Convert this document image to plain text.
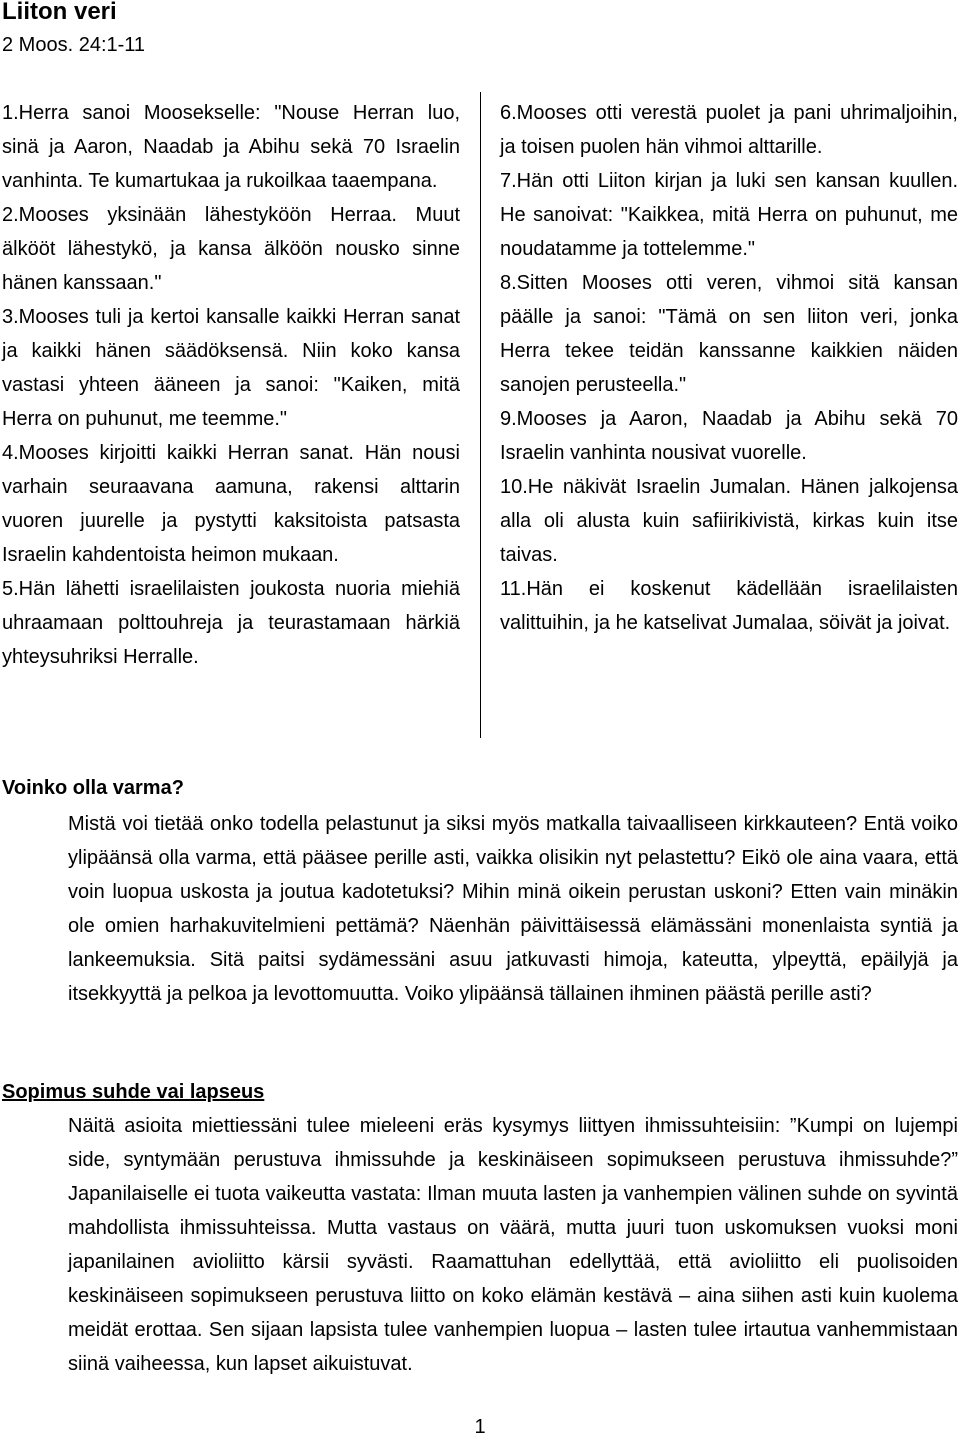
Liiton veri
2 Moos. 24:1-11

1.Herra sanoi Moosekselle: "Nouse Herran luo, sinä ja Aaron, Naadab ja Abihu sekä 70 Israelin vanhinta. Te kumartukaa ja rukoilkaa taaempana.

2.Mooses yksinään lähestyköön Herraa. Muut älkööt lähestykö, ja kansa älköön nousko sinne hänen kanssaan."

3.Mooses tuli ja kertoi kansalle kaikki Herran sanat ja kaikki hänen säädöksensä. Niin koko kansa vastasi yhteen ääneen ja sanoi: "Kaiken, mitä Herra on puhunut, me teemme."

4.Mooses kirjoitti kaikki Herran sanat. Hän nousi varhain seuraavana aamuna, rakensi alttarin vuoren juurelle ja pystytti kaksitoista patsasta Israelin kahdentoista heimon mukaan.

5.Hän lähetti israelilaisten joukosta nuoria miehiä uhraamaan polttouhreja ja teurastamaan härkiä yhteysuhriksi Herralle.

6.Mooses otti verestä puolet ja pani uhrimaljoihin, ja toisen puolen hän vihmoi alttarille.

7.Hän otti Liiton kirjan ja luki sen kansan kuullen. He sanoivat: "Kaikkea, mitä Herra on puhunut, me noudatamme ja tottelemme."

8.Sitten Mooses otti veren, vihmoi sitä kansan päälle ja sanoi: "Tämä on sen liiton veri, jonka Herra tekee teidän kanssanne kaikkien näiden sanojen perusteella."

9.Mooses ja Aaron, Naadab ja Abihu sekä 70 Israelin vanhinta nousivat vuorelle.

10.He näkivät Israelin Jumalan. Hänen jalkojensa alla oli alusta kuin safiirikivistä, kirkas kuin itse taivas.

11.Hän ei koskenut kädellään israelilaisten valittuihin, ja he katselivat Jumalaa, söivät ja joivat.

Voinko olla varma?

Mistä voi tietää onko todella pelastunut ja siksi myös matkalla taivaalliseen kirkkauteen? Entä voiko ylipäänsä olla varma, että pääsee perille asti, vaikka olisikin nyt pelastettu? Eikö ole aina vaara, että voin luopua uskosta ja joutua kadotetuksi? Mihin minä oikein perustan uskoni? Etten vain minäkin ole omien harhakuvitelmieni pettämä? Näenhän päivittäisessä elämässäni monenlaista syntiä ja lankeemuksia. Sitä paitsi sydämessäni asuu jatkuvasti himoja, kateutta, ylpeyttä, epäilyjä ja itsekkyyttä ja pelkoa ja levottomuutta. Voiko ylipäänsä tällainen ihminen päästä perille asti?

Sopimus suhde vai lapseus

Näitä asioita miettiessäni tulee mieleeni eräs kysymys liittyen ihmissuhteisiin: ”Kumpi on lujempi side, syntymään perustuva ihmissuhde ja keskinäiseen sopimukseen perustuva ihmissuhde?” Japanilaiselle ei tuota vaikeutta vastata: Ilman muuta lasten ja vanhempien välinen suhde on syvintä mahdollista ihmissuhteissa. Mutta vastaus on väärä, mutta juuri tuon uskomuksen vuoksi moni japanilainen avioliitto kärsii syvästi. Raamattuhan edellyttää, että avioliitto eli puolisoiden keskinäiseen sopimukseen perustuva liitto on koko elämän kestävä – aina siihen asti kuin kuolema meidät erottaa. Sen sijaan lapsista tulee vanhempien luopua – lasten tulee irtautua vanhemmistaan siinä vaiheessa, kun lapset aikuistuvat.

1
